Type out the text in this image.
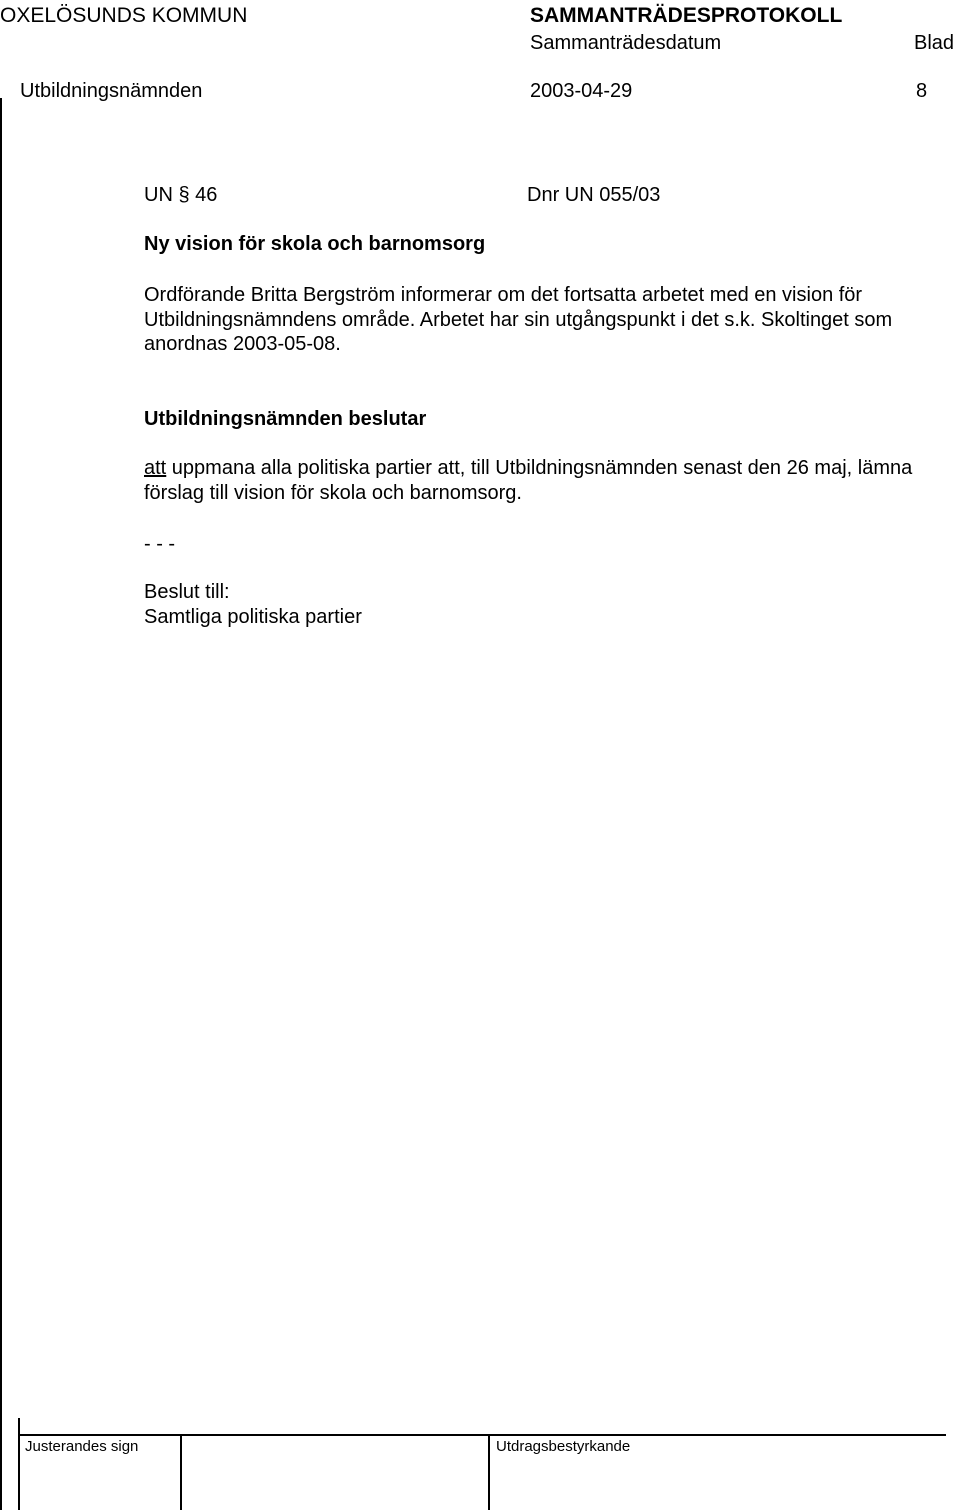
OXELÖSUNDS KOMMUN	SAMMANTRÄDESPROTOKOLL
Sammanträdesdatum	Blad
Utbildningsnämnden	2003-04-29	8
UN § 46	Dnr UN 055/03
Ny vision för skola och barnomsorg
Ordförande Britta Bergström informerar om det fortsatta arbetet med en vision för Utbildningsnämndens område. Arbetet har sin utgångspunkt i det s.k. Skoltinget som anordnas 2003-05-08.
Utbildningsnämnden beslutar
att uppmana alla politiska partier att, till Utbildningsnämnden senast den 26 maj, lämna förslag till vision för skola och barnomsorg.
- - -
Beslut till:
Samtliga politiska partier
Justerandes sign	Utdragsbestyrkande
